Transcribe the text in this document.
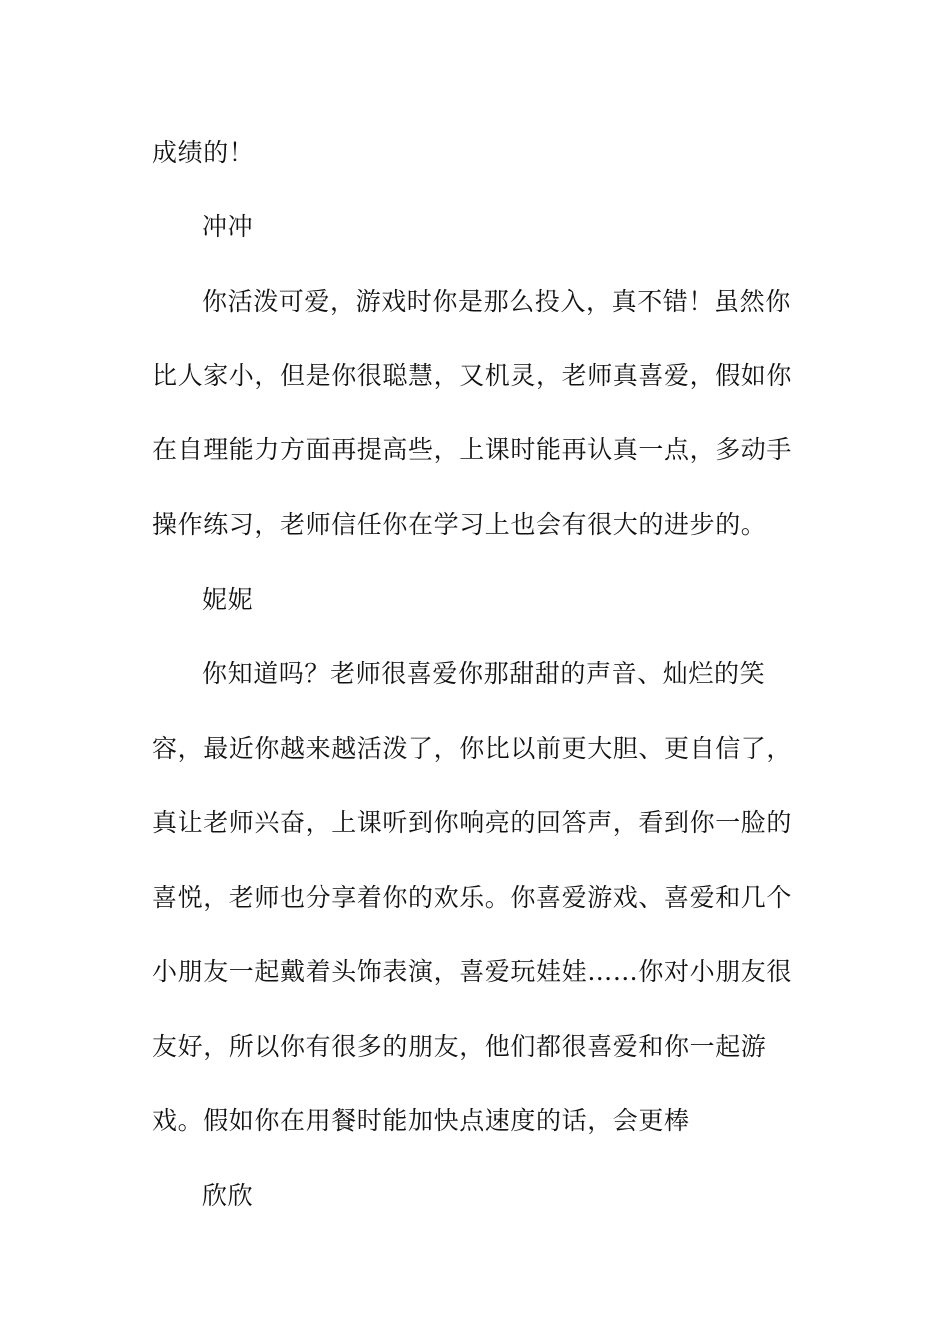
成绩的！
冲冲
你活泼可爱，游戏时你是那么投入，真不错！虽然你
比人家小，但是你很聪慧，又机灵，老师真喜爱，假如你
在自理能力方面再提高些，上课时能再认真一点，多动手
操作练习，老师信任你在学习上也会有很大的进步的。
妮妮
你知道吗？老师很喜爱你那甜甜的声音、灿烂的笑
容，最近你越来越活泼了，你比以前更大胆、更自信了，
真让老师兴奋，上课听到你响亮的回答声，看到你一脸的
喜悦，老师也分享着你的欢乐。你喜爱游戏、喜爱和几个
小朋友一起戴着头饰表演，喜爱玩娃娃……你对小朋友很
友好，所以你有很多的朋友，他们都很喜爱和你一起游
戏。假如你在用餐时能加快点速度的话，会更棒
欣欣
